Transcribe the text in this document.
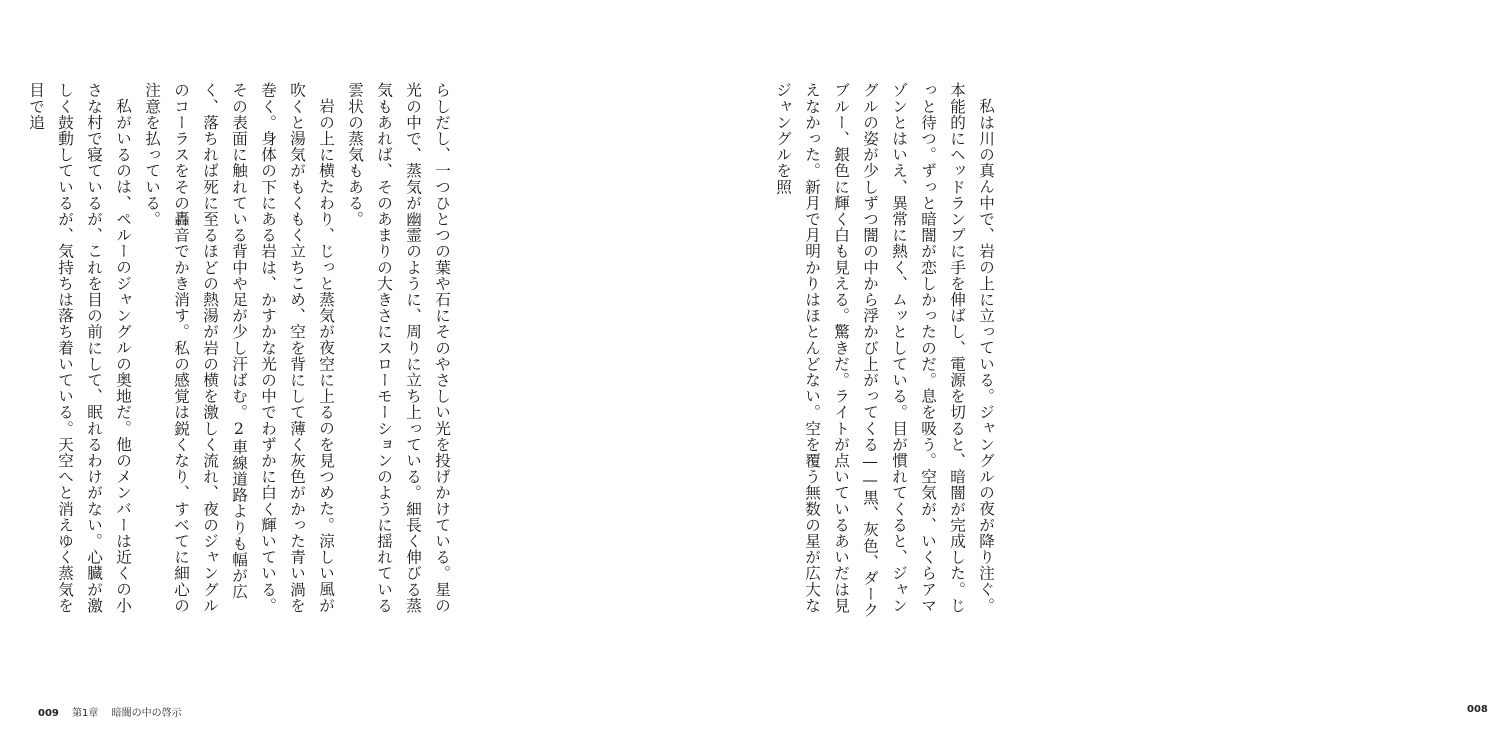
らしだし、一つひとつの葉や石にそのやさしい光を投げかけている。星の光の中で、蒸気が幽霊のように、周りに立ち上っている。細長く伸びる蒸気もあれば、そのあまりの大きさにスローモーションのように揺れている雲状の蒸気もある。

岩の上に横たわり、じっと蒸気が夜空に上るのを見つめた。涼しい風が吹くと湯気がもくもく立ちこめ、空を背にして薄く灰色がかった青い渦を巻く。身体の下にある岩は、かすかな光の中でわずかに白く輝いている。その表面に触れている背中や足が少し汗ばむ。2車線道路よりも幅が広く、落ちれば死に至るほどの熱湯が岩の横を激しく流れ、夜のジャングルのコーラスをその轟音でかき消す。私の感覚は鋭くなり、すべてに細心の注意を払っている。

私がいるのは、ペルーのジャングルの奥地だ。他のメンバーは近くの小さな村で寝ているが、これを目の前にして、眠れるわけがない。心臓が激しく鼓動しているが、気持ちは落ち着いている。天空へと消えゆく蒸気を目で追

009 第1章 暗闇の中の啓示

私は川の真ん中で、岩の上に立っている。ジャングルの夜が降り注ぐ。本能的にヘッドランプに手を伸ばし、電源を切ると、暗闇が完成した。じっと待つ。ずっと暗闇が恋しかったのだ。息を吸う。空気が、いくらアマゾンとはいえ、異常に熱く、ムッとしている。目が慣れてくると、ジャングルの姿が少しずつ闇の中から浮かび上がってくる——黒、灰色、ダークブルー、銀色に輝く白も見える。驚きだ。ライトが点いているあいだは見えなかった。新月で月明かりはほとんどない。空を覆う無数の星が広大なジャングルを照

008
